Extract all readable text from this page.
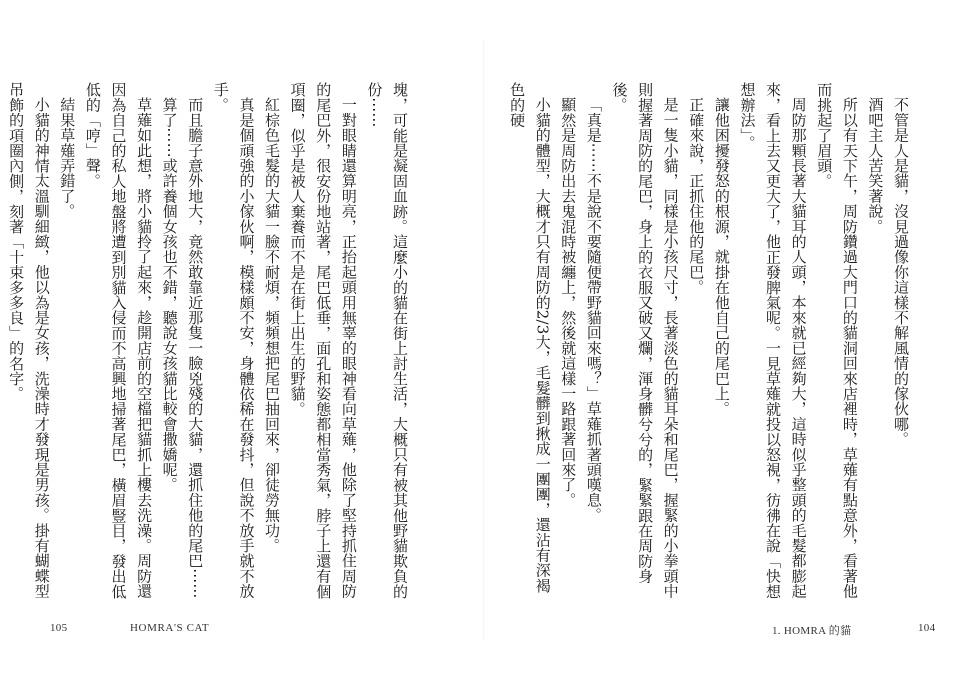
不管是人是貓，沒見過像你這樣不解風情的傢伙哪。

酒吧主人苦笑著說。

所以有天下午，周防鑽過大門口的貓洞回來店裡時，草薙有點意外，看著他而挑起了眉頭。

周防那顆長著大貓耳的人頭，本來就已經夠大，這時似乎整頭的毛髮都膨起來，看上去又更大了，他正發脾氣呢。一見草薙就投以怒視，彷彿在說「快想想辦法」。

讓他困擾發怒的根源，就掛在他自己的尾巴上。

正確來說，正抓住他的尾巴。

是一隻小貓，同樣是小孩尺寸，長著淡色的貓耳朵和尾巴，握緊的小拳頭中則握著周防的尾巴，身上的衣服又破又爛，渾身髒兮兮的，緊緊跟在周防身後。

「真是⋯⋯不是說不要隨便帶野貓回來嗎？」草薙抓著頭嘆息。

顯然是周防出去鬼混時被纏上，然後就這樣一路跟著回來了。

小貓的體型，大概才只有周防的2/3大，毛髮髒到揪成一團團，還沾有深褐色的硬

1. HOMRA 的貓	104

塊，可能是凝固血跡。這麼小的貓在街上討生活，大概只有被其他野貓欺負的份⋯⋯

一對眼睛還算明亮，正抬起頭用無辜的眼神看向草薙，他除了堅持抓住周防的尾巴外，很安份地站著，尾巴低垂，面孔和姿態都相當秀氣，脖子上還有個項圈，似乎是被人棄養而不是在街上出生的野貓。

紅棕色毛髮的大貓一臉不耐煩，頻頻想把尾巴抽回來，卻徒勞無功。

真是個頑強的小傢伙啊，模樣頗不安，身體依稀在發抖，但說不放手就不放手。

而且膽子意外地大，竟然敢靠近那隻一臉兇殘的大貓，還抓住他的尾巴⋯⋯

算了⋯⋯或許養個女孩也不錯，聽說女孩貓比較會撒嬌呢。

草薙如此想，將小貓拎了起來，趁開店前的空檔把貓抓上樓去洗澡。周防還因為自己的私人地盤將遭到別貓入侵而不高興地掃著尾巴，橫眉豎目，發出低低的「哼」聲。

結果草薙弄錯了。

小貓的神情太溫馴細緻，他以為是女孩，洗澡時才發現是男孩。掛有蝴蝶型吊飾的項圈內側，刻著「十束多多良」的名字。

105	HOMRA'S CAT
